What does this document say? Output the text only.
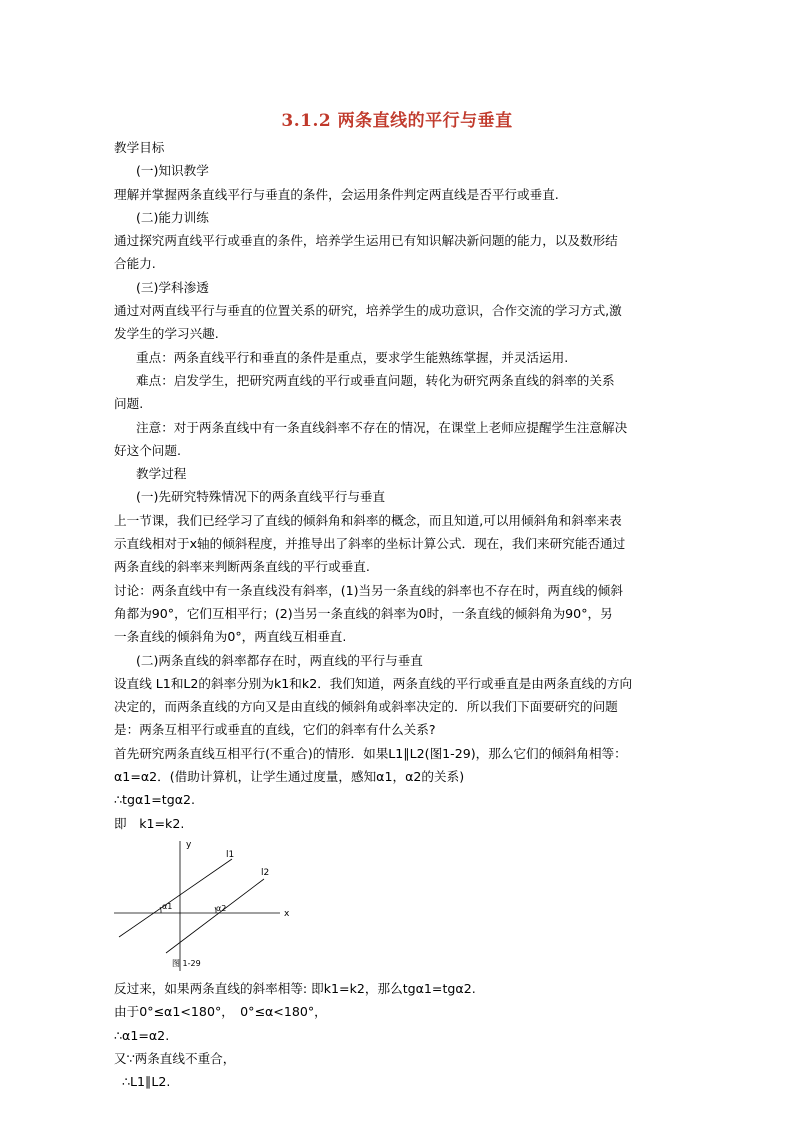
3.1.2 两条直线的平行与垂直

教学目标

(一)知识教学

理解并掌握两条直线平行与垂直的条件，会运用条件判定两直线是否平行或垂直.

(二)能力训练

通过探究两直线平行或垂直的条件，培养学生运用已有知识解决新问题的能力，以及数形结

合能力.

(三)学科渗透

通过对两直线平行与垂直的位置关系的研究，培养学生的成功意识，合作交流的学习方式,激

发学生的学习兴趣.

重点：两条直线平行和垂直的条件是重点，要求学生能熟练掌握，并灵活运用.

难点：启发学生，把研究两直线的平行或垂直问题，转化为研究两条直线的斜率的关系

问题.

注意：对于两条直线中有一条直线斜率不存在的情况，在课堂上老师应提醒学生注意解决

好这个问题.

教学过程

(一)先研究特殊情况下的两条直线平行与垂直

上一节课，我们已经学习了直线的倾斜角和斜率的概念，而且知道,可以用倾斜角和斜率来表

示直线相对于x轴的倾斜程度，并推导出了斜率的坐标计算公式．现在，我们来研究能否通过

两条直线的斜率来判断两条直线的平行或垂直.

讨论：两条直线中有一条直线没有斜率，(1)当另一条直线的斜率也不存在时，两直线的倾斜

角都为90°，它们互相平行；(2)当另一条直线的斜率为0时，一条直线的倾斜角为90°，另

一条直线的倾斜角为0°，两直线互相垂直.

(二)两条直线的斜率都存在时，两直线的平行与垂直

设直线 L1和L2的斜率分别为k1和k2．我们知道，两条直线的平行或垂直是由两条直线的方向

决定的，而两条直线的方向又是由直线的倾斜角或斜率决定的．所以我们下面要研究的问题

是：两条互相平行或垂直的直线，它们的斜率有什么关系?

首先研究两条直线互相平行(不重合)的情形．如果L1∥L2(图1-29)，那么它们的倾斜角相等：

α1=α2．(借助计算机，让学生通过度量，感知α1，α2的关系)

∴tgα1=tgα2.

即　k1=k2.

x
y
l1
l2
α1	α2
图 1-29

反过来，如果两条直线的斜率相等: 即k1=k2，那么tgα1=tgα2.

由于0°≤α1<180°，　0°≤α<180°，

∴α1=α2.

又∵两条直线不重合，

∴L1∥L2.
